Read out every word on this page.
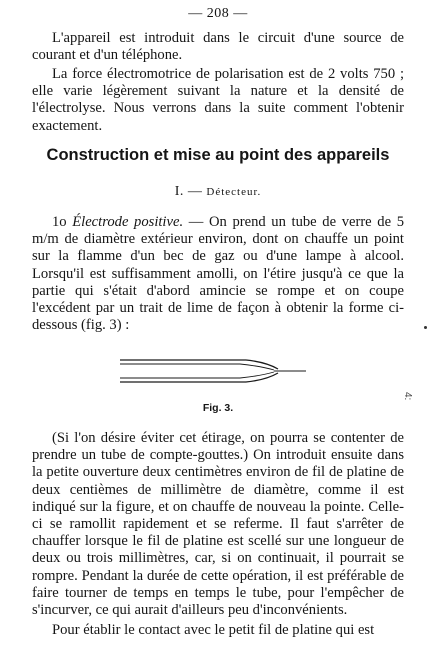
— 208 —
L'appareil est introduit dans le circuit d'une source de courant et d'un téléphone.
La force électromotrice de polarisation est de 2 volts 750 ; elle varie légèrement suivant la nature et la densité de l'électrolyse. Nous verrons dans la suite comment l'obtenir exactement.
Construction et mise au point des appareils
I. — Détecteur.
1o Électrode positive. — On prend un tube de verre de 5 m/m de diamètre extérieur environ, dont on chauffe un point sur la flamme d'un bec de gaz ou d'une lampe à alcool. Lorsqu'il est suffisamment amolli, on l'étire jusqu'à ce que la partie qui s'était d'abord amincie se rompe et on coupe l'excédent par un trait de lime de façon à obtenir la forme ci-dessous (fig. 3) :
Fig. 3.
4:
(Si l'on désire éviter cet étirage, on pourra se contenter de prendre un tube de compte-gouttes.) On introduit ensuite dans la petite ouverture deux centimètres environ de fil de platine de deux centièmes de millimètre de diamètre, comme il est indiqué sur la figure, et on chauffe de nouveau la pointe. Celle-ci se ramollit rapidement et se referme. Il faut s'arrêter de chauffer lorsque le fil de platine est scellé sur une longueur de deux ou trois millimètres, car, si on continuait, il pourrait se rompre. Pendant la durée de cette opération, il est préférable de faire tourner de temps en temps le tube, pour l'empêcher de s'incurver, ce qui aurait d'ailleurs peu d'inconvénients.
Pour établir le contact avec le petit fil de platine qui est
